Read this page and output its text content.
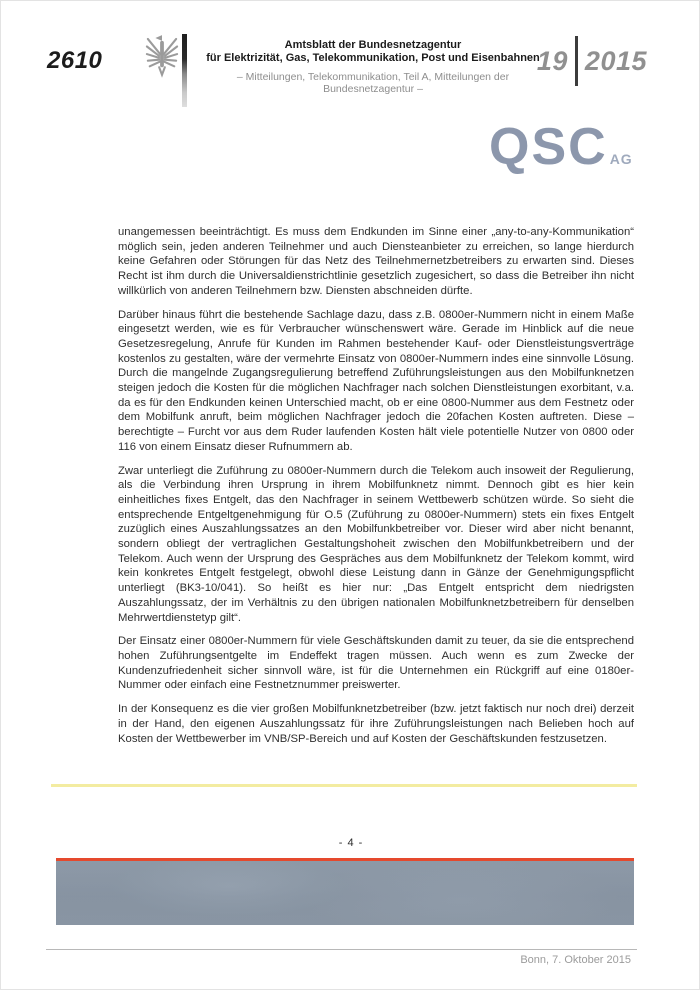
2610
Amtsblatt der Bundesnetzagentur
für Elektrizität, Gas, Telekommunikation, Post und Eisenbahnen
– Mitteilungen, Telekommunikation, Teil A, Mitteilungen der Bundesnetzagentur –
19 2015
QSC AG

unangemessen beeinträchtigt. Es muss dem Endkunden im Sinne einer „any-to-any-Kommunikation“ möglich sein, jeden anderen Teilnehmer und auch Diensteanbieter zu erreichen, so lange hierdurch keine Gefahren oder Störungen für das Netz des Teilnehmernetzbetreibers zu erwarten sind. Dieses Recht ist ihm durch die Universaldienstrichtlinie gesetzlich zugesichert, so dass die Betreiber ihn nicht willkürlich von anderen Teilnehmern bzw. Diensten abschneiden dürfte.

Darüber hinaus führt die bestehende Sachlage dazu, dass z.B. 0800er-Nummern nicht in einem Maße eingesetzt werden, wie es für Verbraucher wünschenswert wäre. Gerade im Hinblick auf die neue Gesetzesregelung, Anrufe für Kunden im Rahmen bestehender Kauf- oder Dienstleistungsverträge kostenlos zu gestalten, wäre der vermehrte Einsatz von 0800er-Nummern indes eine sinnvolle Lösung. Durch die mangelnde Zugangsregulierung betreffend Zuführungsleistungen aus den Mobilfunknetzen steigen jedoch die Kosten für die möglichen Nachfrager nach solchen Dienstleistungen exorbitant, v.a. da es für den Endkunden keinen Unterschied macht, ob er eine 0800-Nummer aus dem Festnetz oder dem Mobilfunk anruft, beim möglichen Nachfrager jedoch die 20fachen Kosten auftreten. Diese – berechtigte – Furcht vor aus dem Ruder laufenden Kosten hält viele potentielle Nutzer von 0800 oder 116 von einem Einsatz dieser Rufnummern ab.

Zwar unterliegt die Zuführung zu 0800er-Nummern durch die Telekom auch insoweit der Regulierung, als die Verbindung ihren Ursprung in ihrem Mobilfunknetz nimmt. Dennoch gibt es hier kein einheitliches fixes Entgelt, das den Nachfrager in seinem Wettbewerb schützen würde. So sieht die entsprechende Entgeltgenehmigung für O.5 (Zuführung zu 0800er-Nummern) stets ein fixes Entgelt zuzüglich eines Auszahlungssatzes an den Mobilfunkbetreiber vor. Dieser wird aber nicht benannt, sondern obliegt der vertraglichen Gestaltungshoheit zwischen den Mobilfunkbetreibern und der Telekom. Auch wenn der Ursprung des Gespräches aus dem Mobilfunknetz der Telekom kommt, wird kein konkretes Entgelt festgelegt, obwohl diese Leistung dann in Gänze der Genehmigungspflicht unterliegt (BK3-10/041). So heißt es hier nur: „Das Entgelt entspricht dem niedrigsten Auszahlungssatz, der im Verhältnis zu den übrigen nationalen Mobilfunknetzbetreibern für denselben Mehrwertdienstetyp gilt“.

Der Einsatz einer 0800er-Nummern für viele Geschäftskunden damit zu teuer, da sie die entsprechend hohen Zuführungsentgelte im Endeffekt tragen müssen. Auch wenn es zum Zwecke der Kundenzufriedenheit sicher sinnvoll wäre, ist für die Unternehmen ein Rückgriff auf eine 0180er-Nummer oder einfach eine Festnetznummer preiswerter.

In der Konsequenz es die vier großen Mobilfunknetzbetreiber (bzw. jetzt faktisch nur noch drei) derzeit in der Hand, den eigenen Auszahlungssatz für ihre Zuführungsleistungen nach Belieben hoch auf Kosten der Wettbewerber im VNB/SP-Bereich und auf Kosten der Geschäftskunden festzusetzen.

- 4 -
Bonn, 7. Oktober 2015
